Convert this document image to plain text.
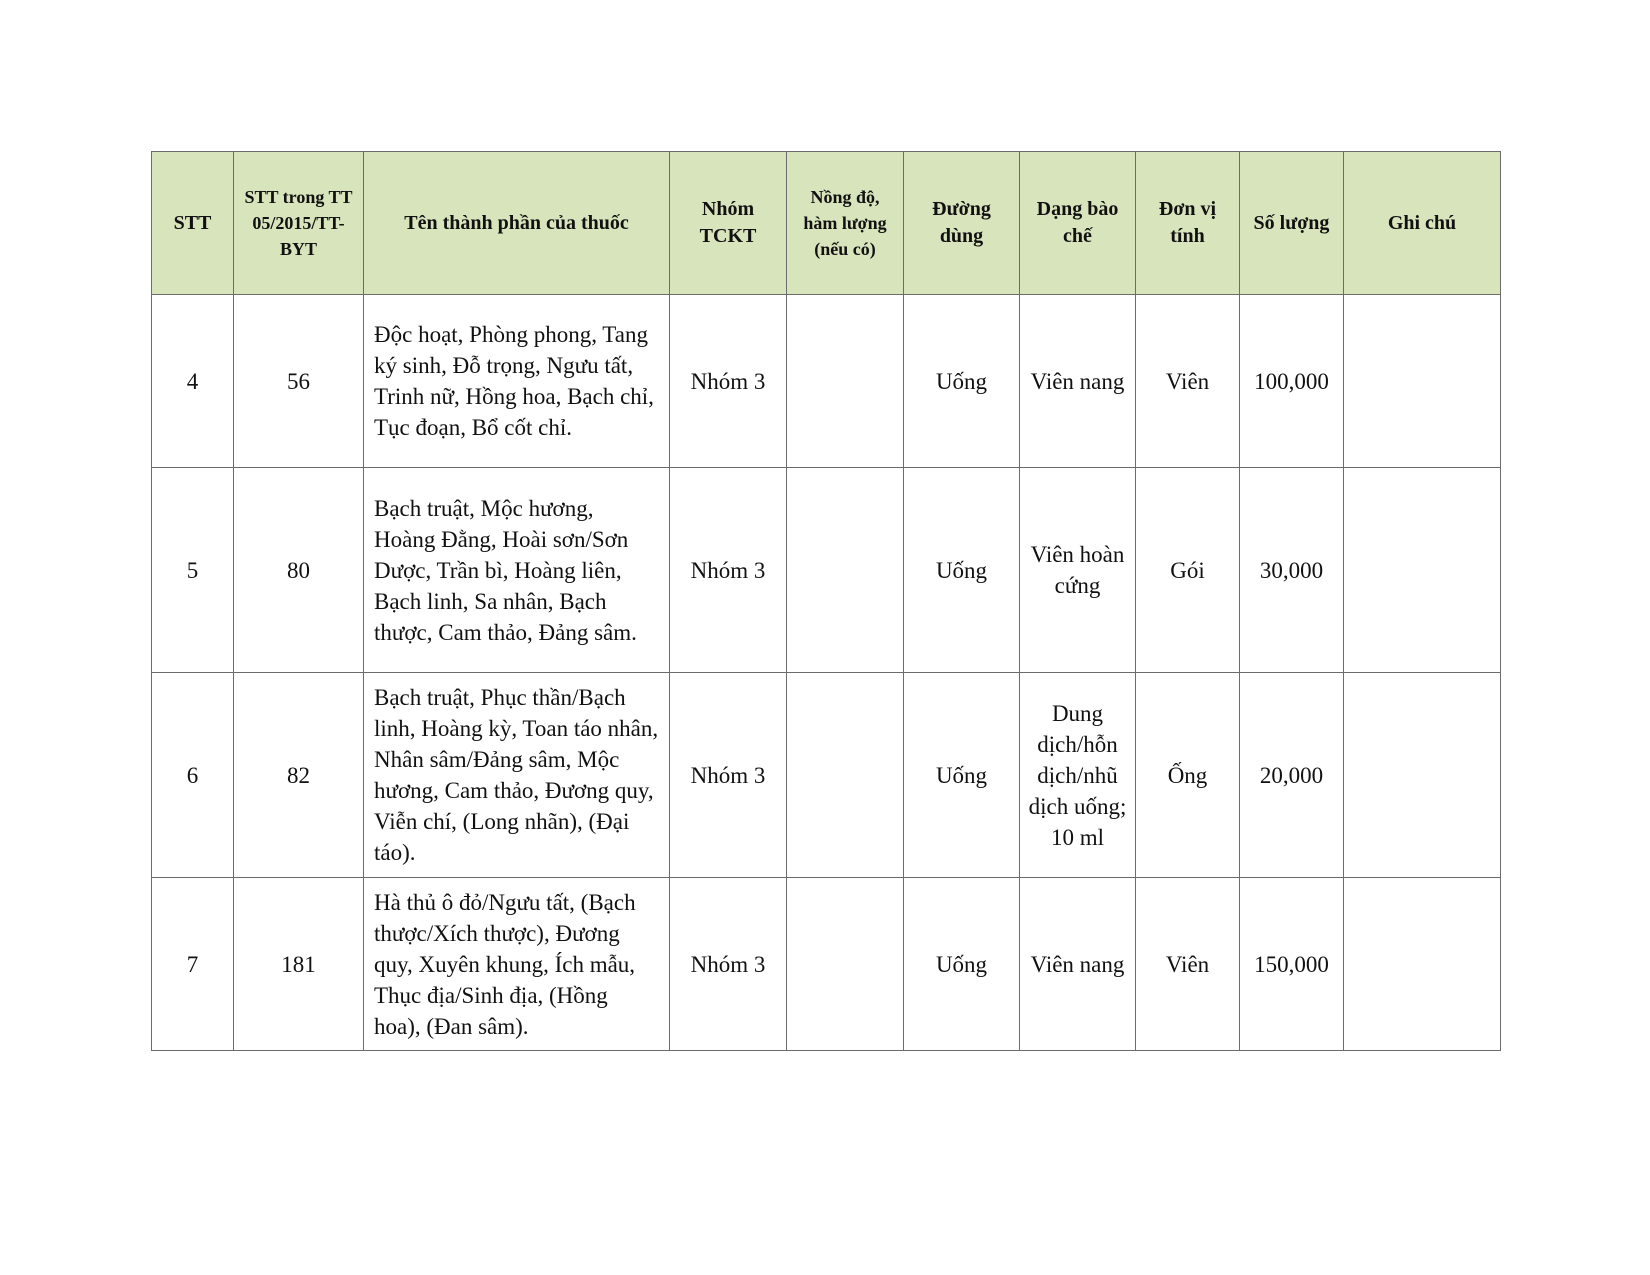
STT	STT trong TT 05/2015/TT-BYT	Tên thành phần của thuốc	Nhóm TCKT	Nồng độ, hàm lượng (nếu có)	Đường dùng	Dạng bào chế	Đơn vị tính	Số lượng	Ghi chú
4	56	Độc hoạt, Phòng phong, Tang ký sinh, Đỗ trọng, Ngưu tất, Trinh nữ, Hồng hoa, Bạch chỉ, Tục đoạn, Bổ cốt chỉ.	Nhóm 3		Uống	Viên nang	Viên	100,000	
5	80	Bạch truật, Mộc hương, Hoàng Đằng, Hoài sơn/Sơn Dược, Trần bì, Hoàng liên, Bạch linh, Sa nhân, Bạch thược, Cam thảo, Đảng sâm.	Nhóm 3		Uống	Viên hoàn cứng	Gói	30,000	
6	82	Bạch truật, Phục thần/Bạch linh, Hoàng kỳ, Toan táo nhân, Nhân sâm/Đảng sâm, Mộc hương, Cam thảo, Đương quy, Viễn chí, (Long nhãn), (Đại táo).	Nhóm 3		Uống	Dung dịch/hỗn dịch/nhũ dịch uống; 10 ml	Ống	20,000	
7	181	Hà thủ ô đỏ/Ngưu tất, (Bạch thược/Xích thược), Đương quy, Xuyên khung, Ích mẫu, Thục địa/Sinh địa, (Hồng hoa), (Đan sâm).	Nhóm 3		Uống	Viên nang	Viên	150,000	
